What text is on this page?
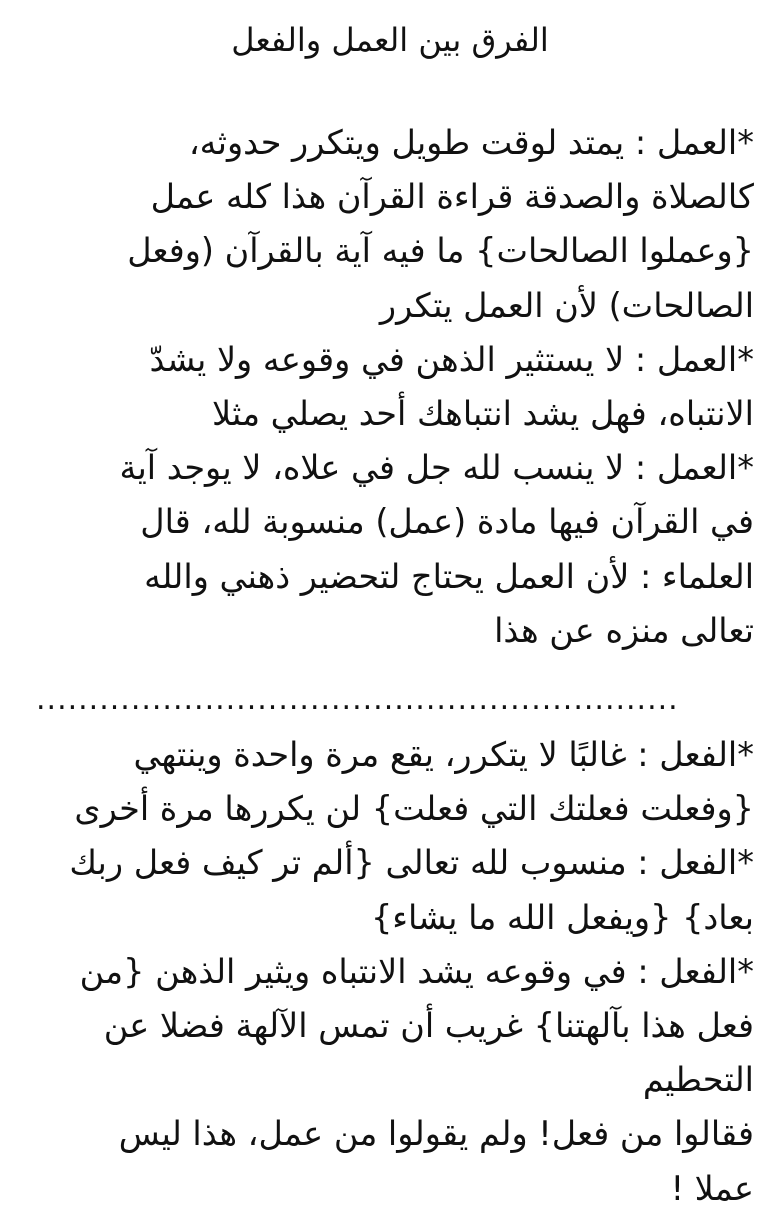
الفرق بين العمل والفعل
*العمل : يمتد لوقت طويل ويتكرر حدوثه،
كالصلاة والصدقة قراءة القرآن هذا كله عمل
{وعملوا الصالحات} ما فيه آية بالقرآن (وفعل
الصالحات) لأن العمل يتكرر
*العمل : لا يستثير الذهن في وقوعه ولا يشدّ
الانتباه، فهل يشد انتباهك أحد يصلي مثلا
*العمل : لا ينسب لله جل في علاه، لا يوجد آية
في القرآن فيها مادة (عمل) منسوبة لله، قال
العلماء : لأن العمل يحتاج لتحضير ذهني والله
تعالى منزه عن هذا
.............................................................
*الفعل : غالبًا لا يتكرر، يقع مرة واحدة وينتهي
{وفعلت فعلتك التي فعلت} لن يكررها مرة أخرى
*الفعل : منسوب لله تعالى {ألم تر كيف فعل ربك
بعاد} {ويفعل الله ما يشاء}
*الفعل : في وقوعه يشد الانتباه ويثير الذهن {من
فعل هذا بآلهتنا} غريب أن تمس الآلهة فضلا عن
التحطيم
فقالوا من فعل! ولم يقولوا من عمل، هذا ليس
عملا !
